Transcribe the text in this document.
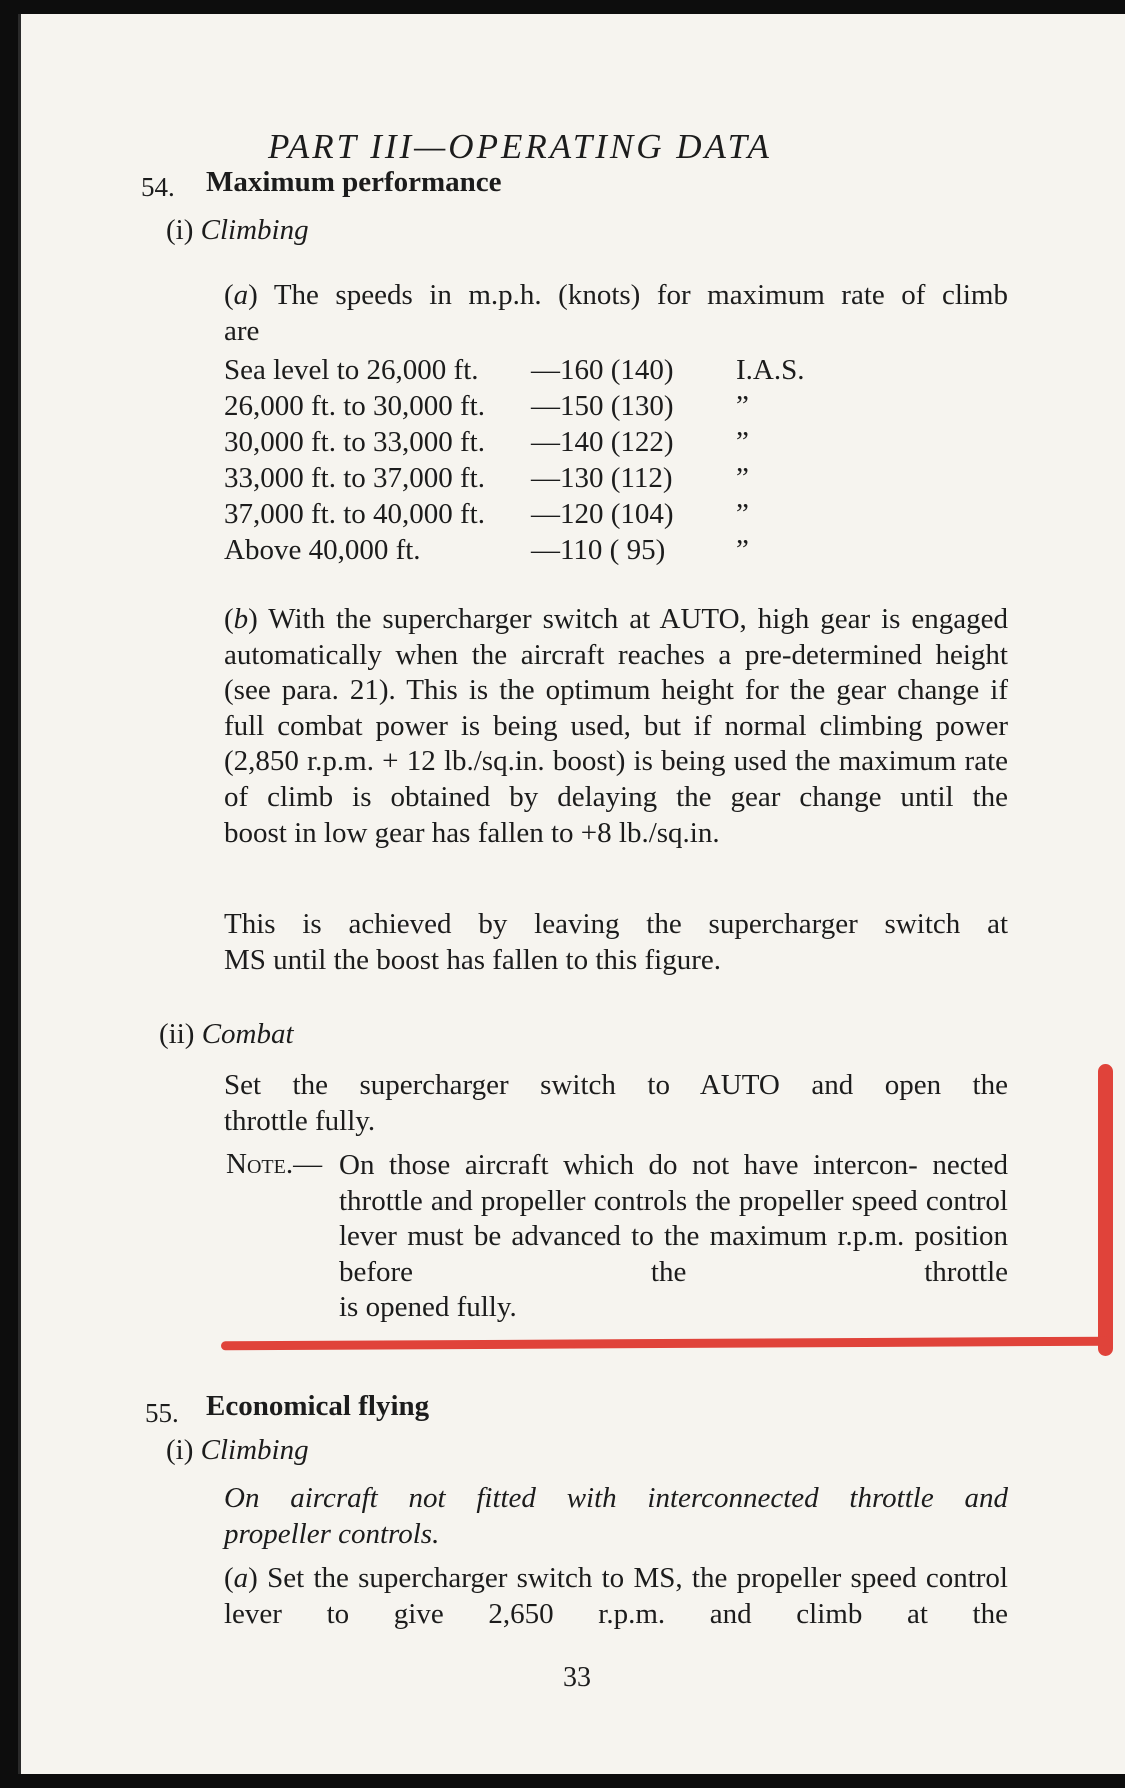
PART III—OPERATING DATA
54. Maximum performance
(i) Climbing
(a) The speeds in m.p.h. (knots) for maximum rate of climb
are
Sea level to 26,000 ft. —160 (140) I.A.S.
26,000 ft. to 30,000 ft. —150 (130) ”
30,000 ft. to 33,000 ft. —140 (122) ”
33,000 ft. to 37,000 ft. —130 (112) ”
37,000 ft. to 40,000 ft. —120 (104) ”
Above 40,000 ft.	—110 ( 95) ”
(b) With the supercharger switch at AUTO, high gear is engaged automatically when the aircraft reaches a pre-determined height (see para. 21). This is the optimum height for the gear change if full combat power is being used, but if normal climbing power (2,850 r.p.m. + 12 lb./sq.in. boost) is being used the maximum rate of climb is obtained by delaying the gear change until the
boost in low gear has fallen to +8 lb./sq.in.
This is achieved by leaving the supercharger switch at
MS until the boost has fallen to this figure.
(ii) Combat
Set the supercharger switch to AUTO and open the
throttle fully.
Note.— On those aircraft which do not have intercon- nected throttle and propeller controls the propeller speed control lever must be advanced to the maximum r.p.m. position before the throttle
is opened fully.
55. Economical flying
(i) Climbing
On aircraft not fitted with interconnected throttle and
propeller controls.
(a) Set the supercharger switch to MS, the propeller speed control lever to give 2,650 r.p.m. and climb at the
33
